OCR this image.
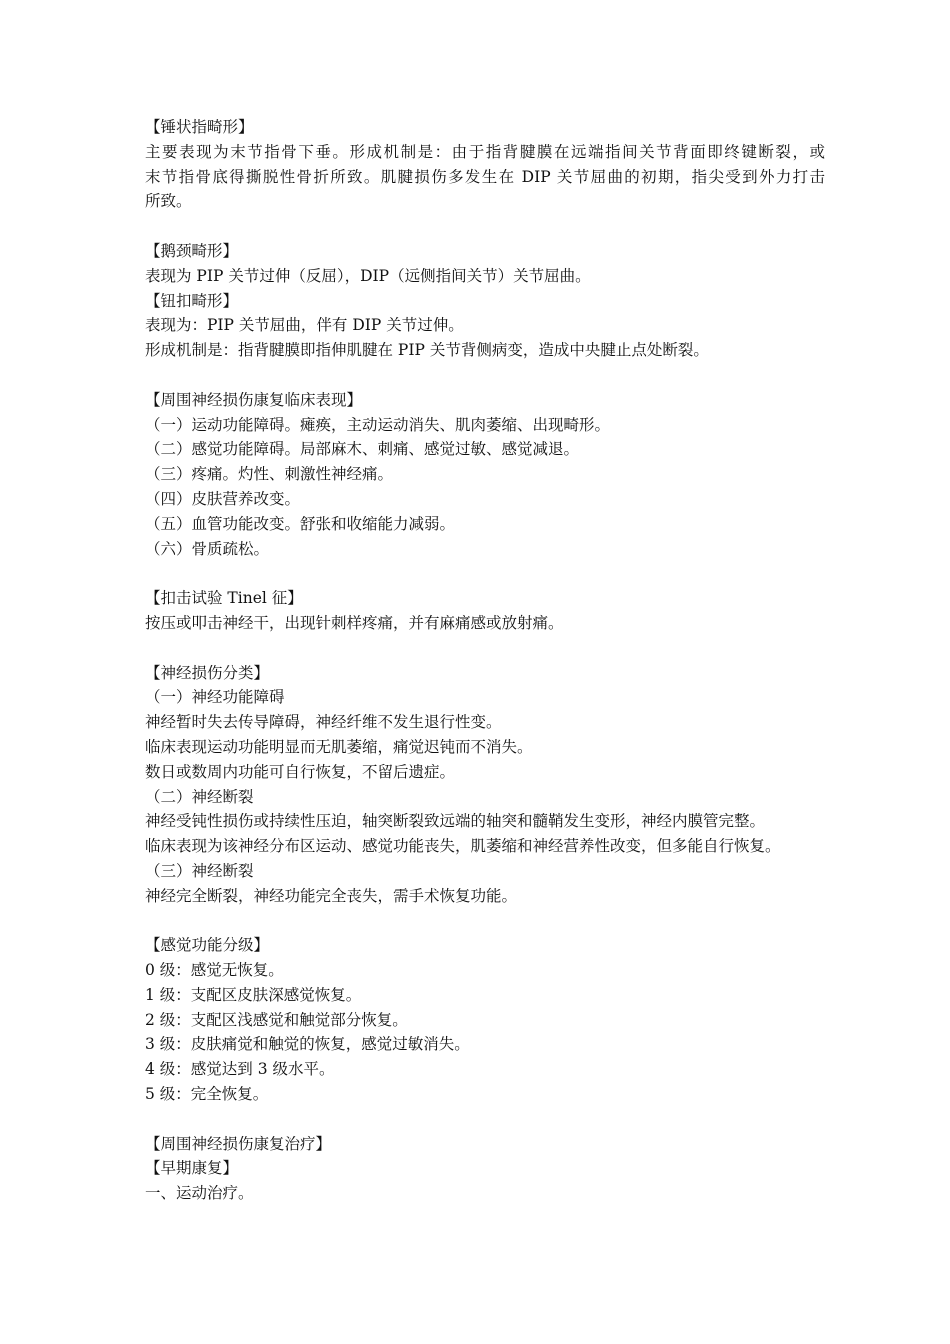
【锤状指畸形】
主要表现为末节指骨下垂。形成机制是：由于指背腱膜在远端指间关节背面即终键断裂，或
末节指骨底得撕脱性骨折所致。肌腱损伤多发生在 DIP 关节屈曲的初期，指尖受到外力打击
所致。
【鹅颈畸形】
表现为 PIP 关节过伸（反屈），DIP（远侧指间关节）关节屈曲。
【钮扣畸形】
表现为：PIP 关节屈曲，伴有 DIP 关节过伸。
形成机制是：指背腱膜即指伸肌腱在 PIP 关节背侧病变，造成中央腱止点处断裂。
【周围神经损伤康复临床表现】
（一）运动功能障碍。瘫痪，主动运动消失、肌肉萎缩、出现畸形。
（二）感觉功能障碍。局部麻木、刺痛、感觉过敏、感觉减退。
（三）疼痛。灼性、刺激性神经痛。
（四）皮肤营养改变。
（五）血管功能改变。舒张和收缩能力减弱。
（六）骨质疏松。
【扣击试验 Tinel 征】
按压或叩击神经干，出现针刺样疼痛，并有麻痛感或放射痛。
【神经损伤分类】
（一）神经功能障碍
神经暂时失去传导障碍，神经纤维不发生退行性变。
临床表现运动功能明显而无肌萎缩，痛觉迟钝而不消失。
数日或数周内功能可自行恢复，不留后遗症。
（二）神经断裂
神经受钝性损伤或持续性压迫，轴突断裂致远端的轴突和髓鞘发生变形，神经内膜管完整。
临床表现为该神经分布区运动、感觉功能丧失，肌萎缩和神经营养性改变，但多能自行恢复。
（三）神经断裂
神经完全断裂，神经功能完全丧失，需手术恢复功能。
【感觉功能分级】
0 级：感觉无恢复。
1 级：支配区皮肤深感觉恢复。
2 级：支配区浅感觉和触觉部分恢复。
3 级：皮肤痛觉和触觉的恢复，感觉过敏消失。
4 级：感觉达到 3 级水平。
5 级：完全恢复。
【周围神经损伤康复治疗】
【早期康复】
一、运动治疗。
